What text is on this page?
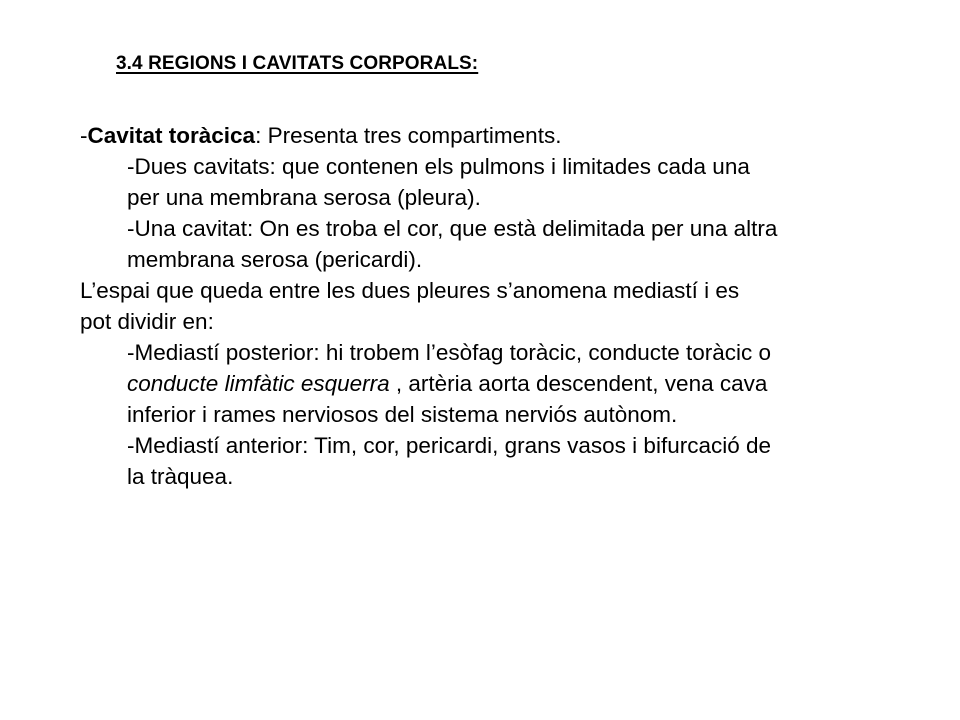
3.4 REGIONS I CAVITATS CORPORALS:
-Cavitat toràcica: Presenta tres compartiments.
-Dues cavitats: que contenen els pulmons i limitades cada una
per una membrana serosa (pleura).
-Una cavitat: On es troba el cor, que està delimitada per una altra
membrana serosa (pericardi).
L’espai que queda entre les dues pleures s’anomena mediastí i es
pot dividir en:
-Mediastí posterior: hi trobem l’esòfag toràcic, conducte toràcic o
conducte limfàtic esquerra , artèria aorta descendent, vena cava
inferior i rames nerviosos del sistema nerviós autònom.
-Mediastí anterior: Tim, cor, pericardi, grans vasos i bifurcació de
la tràquea.
